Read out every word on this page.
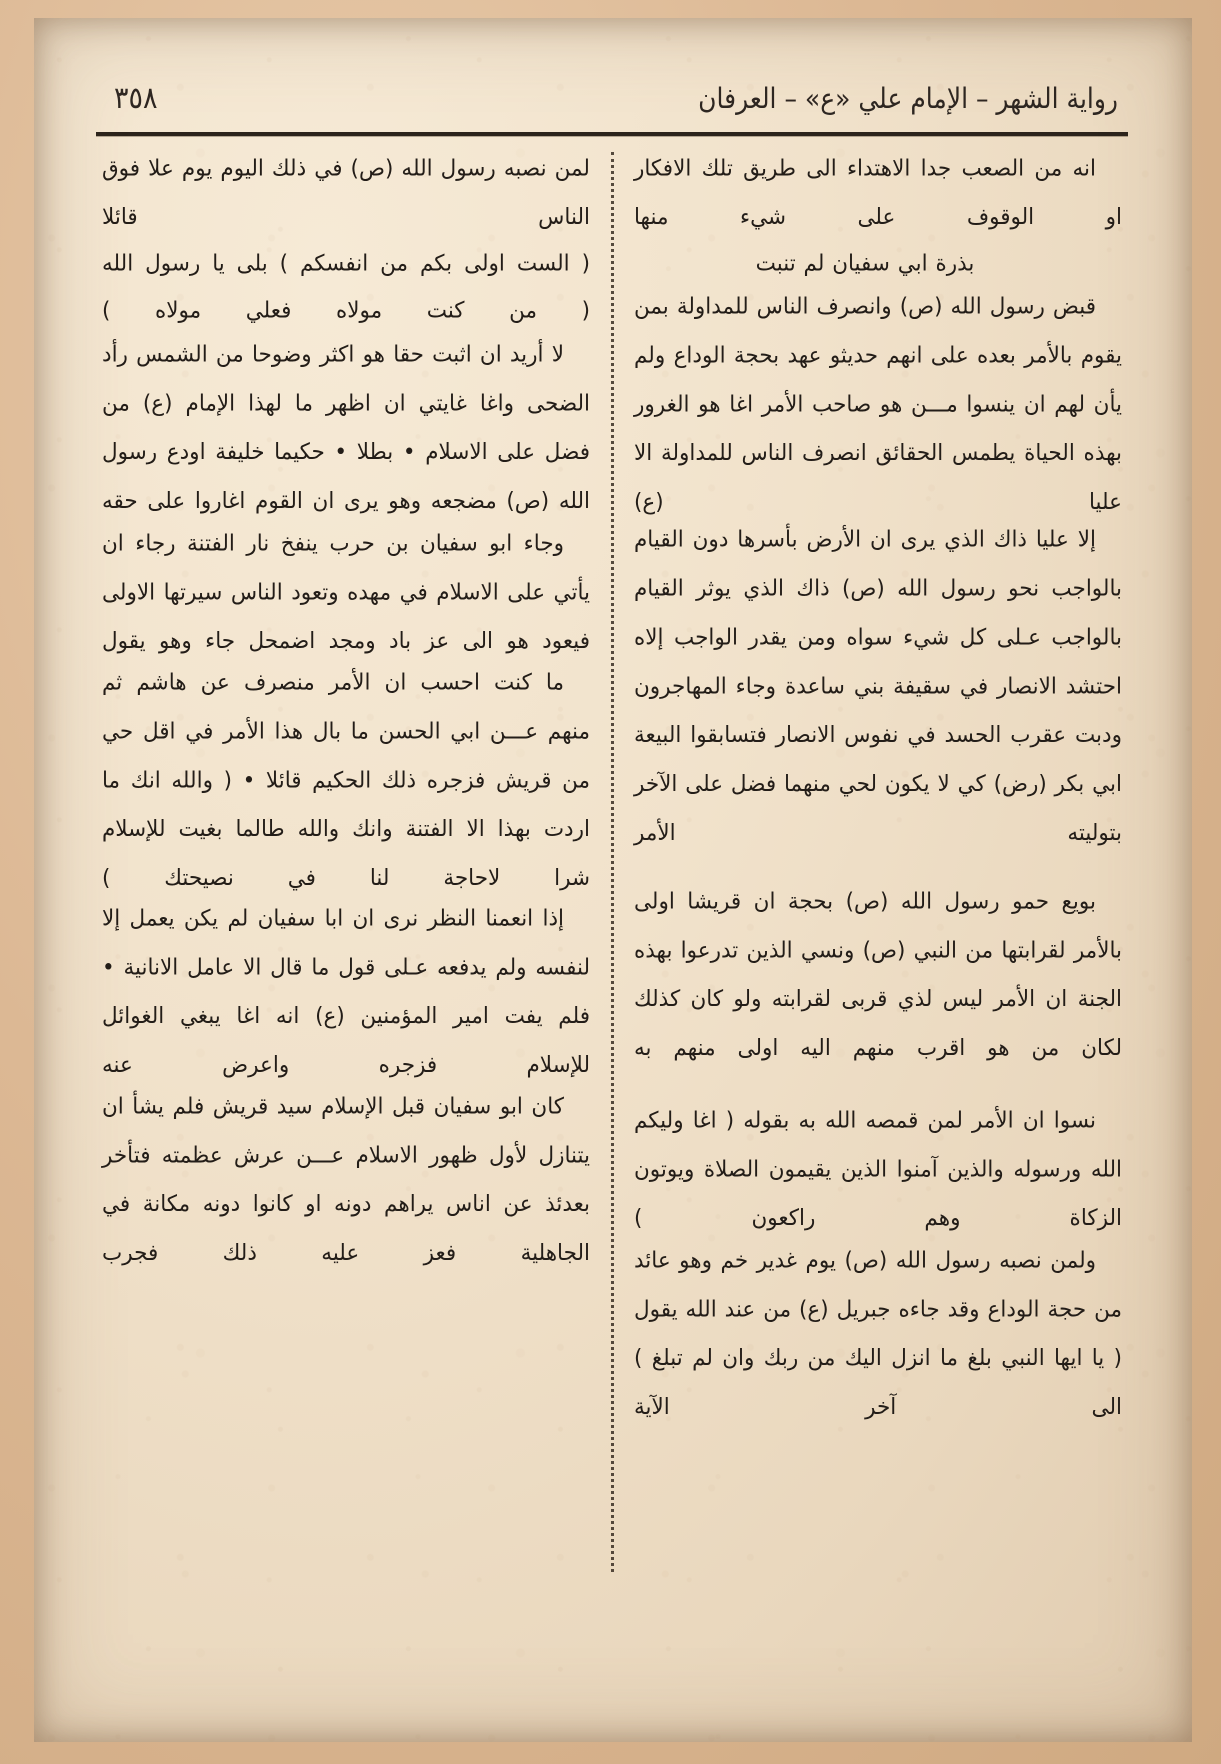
رواية الشهر – الإمام علي «ع» – العرفان
٣٥٨

انه من الصعب جدا الاهتداء الى طريق تلك الافكار او الوقوف على شيء منها

بذرة ابي سفيان لم تنبت

قبض رسول الله (ص) وانصرف الناس للمداولة بمن يقوم بالأمر بعده على انهم حديثو عهد بحجة الوداع ولم يأن لهم ان ينسوا مـــن هو صاحب الأمر اغا هو الغرور بهذه الحياة يطمس الحقائق انصرف الناس للمداولة الا عليا (ع)

إلا عليا ذاك الذي يرى ان الأرض بأسرها دون القيام بالواجب نحو رسول الله (ص) ذاك الذي يوثر القيام بالواجب عـلى كل شيء سواه ومن يقدر الواجب إلاه احتشد الانصار في سقيفة بني ساعدة وجاء المهاجرون ودبت عقرب الحسد في نفوس الانصار فتسابقوا البيعة ابي بكر (رض) كي لا يكون لحي منهما فضل على الآخر بتوليته الأمر

بويع حمو رسول الله (ص) بحجة ان قريشا اولى بالأمر لقرابتها من النبي (ص) ونسي الذين تدرعوا بهذه الجنة ان الأمر ليس لذي قربى لقرابته ولو كان كذلك لكان من هو اقرب منهم اليه اولى منهم به

نسوا ان الأمر لمن قمصه الله به بقوله ( اغا وليكم الله ورسوله والذين آمنوا الذين يقيمون الصلاة ويوتون الزكاة وهم راكعون )

ولمن نصبه رسول الله (ص) يوم غدير خم وهو عائد من حجة الوداع وقد جاءه جبريل (ع) من عند الله يقول ( يا ايها النبي بلغ ما انزل اليك من ربك وان لم تبلغ ) الى آخر الآية

لمن نصبه رسول الله (ص) في ذلك اليوم يوم علا فوق الناس قائلا

( الست اولى بكم من انفسكم ) بلى يا رسول الله

( من كنت مولاه فعلي مولاه )

لا أريد ان اثبت حقا هو اكثر وضوحا من الشمس رأد الضحى واغا غايتي ان اظهر ما لهذا الإمام (ع) من فضل على الاسلام • بطلا • حكيما خليفة اودع رسول الله (ص) مضجعه وهو يرى ان القوم اغاروا على حقه

وجاء ابو سفيان بن حرب ينفخ نار الفتنة رجاء ان يأتي على الاسلام في مهده وتعود الناس سيرتها الاولى فيعود هو الى عز باد ومجد اضمحل جاء وهو يقول

ما كنت احسب ان الأمر منصرف عن هاشم ثم منهم عـــن ابي الحسن ما بال هذا الأمر في اقل حي من قريش فزجره ذلك الحكيم قائلا • ( والله انك ما اردت بهذا الا الفتنة وانك والله طالما بغيت للإسلام شرا لاحاجة لنا في نصيحتك )

إذا انعمنا النظر نرى ان ابا سفيان لم يكن يعمل إلا لنفسه ولم يدفعه عـلى قول ما قال الا عامل الانانية • فلم يفت امير المؤمنين (ع) انه اغا يبغي الغوائل للإسلام فزجره واعرض عنه

كان ابو سفيان قبل الإسلام سيد قريش فلم يشأ ان يتنازل لأول ظهور الاسلام عـــن عرش عظمته فتأخر بعدئذ عن اناس يراهم دونه او كانوا دونه مكانة في الجاهلية فعز عليه ذلك فجرب
